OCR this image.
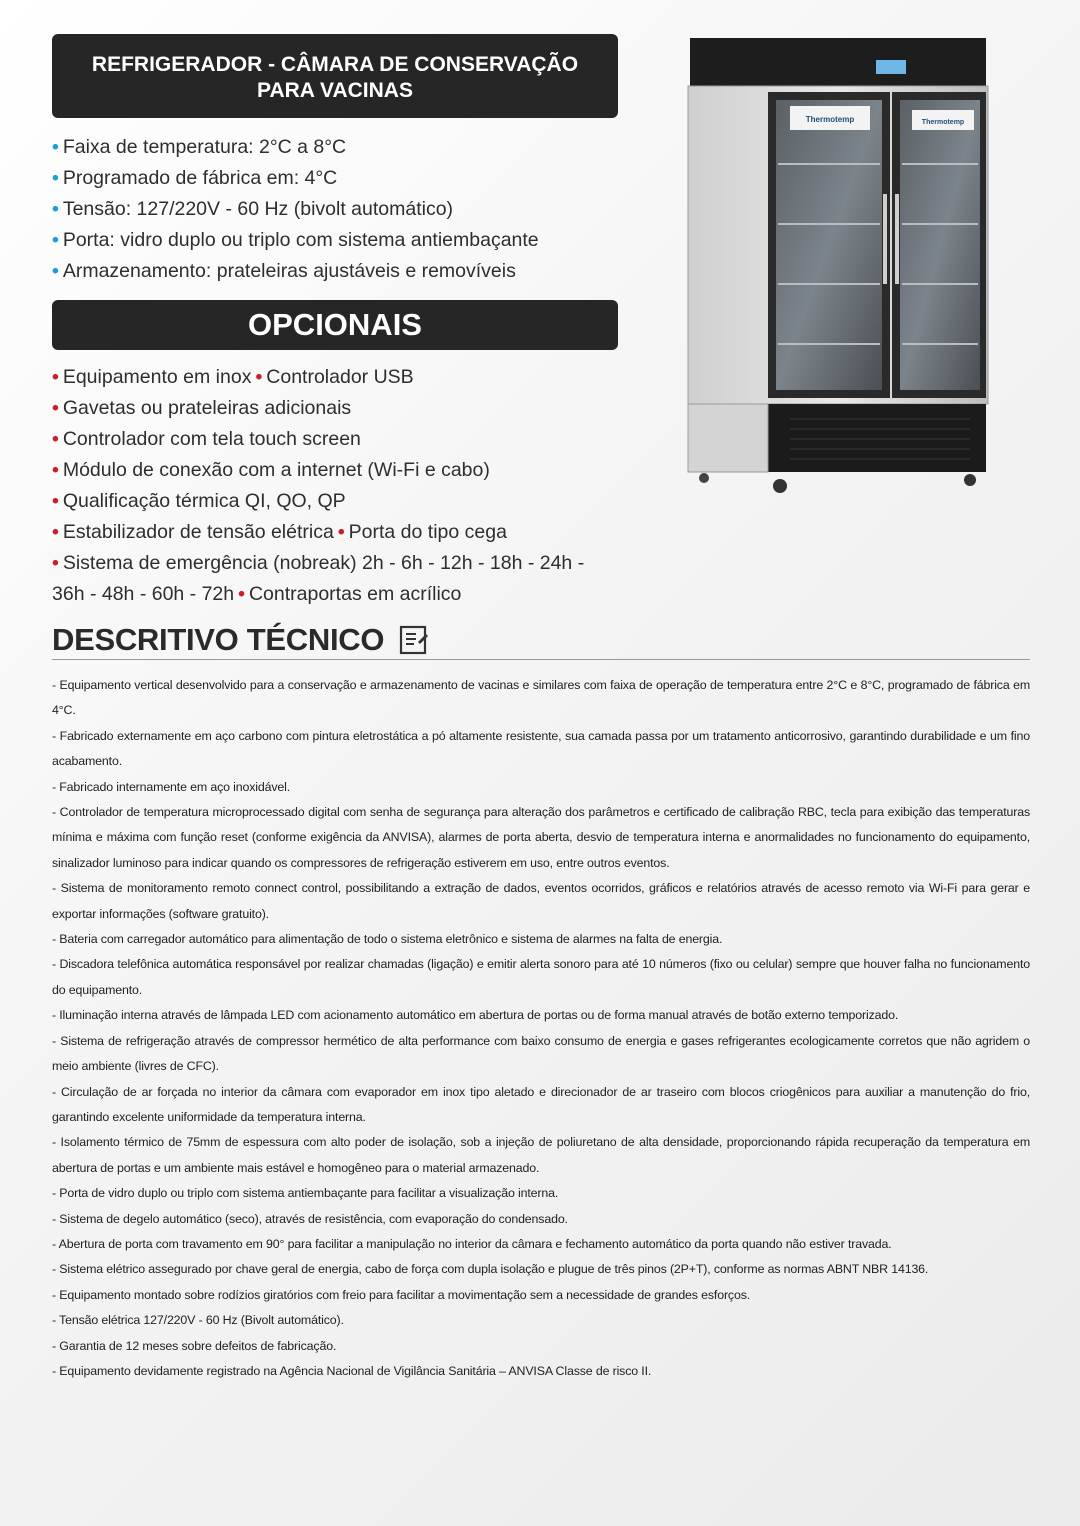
REFRIGERADOR - CÂMARA DE CONSERVAÇÃO
PARA VACINAS
• Faixa de temperatura: 2°C a 8°C
• Programado de fábrica em: 4°C
• Tensão: 127/220V - 60 Hz (bivolt automático)
• Porta: vidro duplo ou triplo com sistema antiembaçante
• Armazenamento: prateleiras ajustáveis e removíveis
OPCIONAIS
• Equipamento em inox • Controlador USB
• Gavetas ou prateleiras adicionais
• Controlador com tela touch screen
• Módulo de conexão com a internet (Wi-Fi e cabo)
• Qualificação térmica QI, QO, QP
• Estabilizador de tensão elétrica • Porta do tipo cega
• Sistema de emergência (nobreak) 2h - 6h - 12h - 18h - 24h -
36h - 48h - 60h - 72h • Contraportas em acrílico
Thermotemp	Thermotemp
DESCRITIVO TÉCNICO

- Equipamento vertical desenvolvido para a conservação e armazenamento de vacinas e similares com faixa de operação de temperatura entre 2°C e 8°C, programado de fábrica em 4°C.

- Fabricado externamente em aço carbono com pintura eletrostática a pó altamente resistente, sua camada passa por um tratamento anticorrosivo, garantindo durabilidade e um fino acabamento.

- Fabricado internamente em aço inoxidável.

- Controlador de temperatura microprocessado digital com senha de segurança para alteração dos parâmetros e certificado de calibração RBC, tecla para exibição das temperaturas mínima e máxima com função reset (conforme exigência da ANVISA), alarmes de porta aberta, desvio de temperatura interna e anormalidades no funcionamento do equipamento, sinalizador luminoso para indicar quando os compressores de refrigeração estiverem em uso, entre outros eventos.

- Sistema de monitoramento remoto connect control, possibilitando a extração de dados, eventos ocorridos, gráficos e relatórios através de acesso remoto via Wi-Fi para gerar e exportar informações (software gratuito).

- Bateria com carregador automático para alimentação de todo o sistema eletrônico e sistema de alarmes na falta de energia.

- Discadora telefônica automática responsável por realizar chamadas (ligação) e emitir alerta sonoro para até 10 números (fixo ou celular) sempre que houver falha no funcionamento do equipamento.

- Iluminação interna através de lâmpada LED com acionamento automático em abertura de portas ou de forma manual através de botão externo temporizado.

- Sistema de refrigeração através de compressor hermético de alta performance com baixo consumo de energia e gases refrigerantes ecologicamente corretos que não agridem o meio ambiente (livres de CFC).

- Circulação de ar forçada no interior da câmara com evaporador em inox tipo aletado e direcionador de ar traseiro com blocos criogênicos para auxiliar a manutenção do frio, garantindo excelente uniformidade da temperatura interna.

- Isolamento térmico de 75mm de espessura com alto poder de isolação, sob a injeção de poliuretano de alta densidade, proporcionando rápida recuperação da temperatura em abertura de portas e um ambiente mais estável e homogêneo para o material armazenado.

- Porta de vidro duplo ou triplo com sistema antiembaçante para facilitar a visualização interna.

- Sistema de degelo automático (seco), através de resistência, com evaporação do condensado.

- Abertura de porta com travamento em 90° para facilitar a manipulação no interior da câmara e fechamento automático da porta quando não estiver travada.

- Sistema elétrico assegurado por chave geral de energia, cabo de força com dupla isolação e plugue de três pinos (2P+T), conforme as normas ABNT NBR 14136.

- Equipamento montado sobre rodízios giratórios com freio para facilitar a movimentação sem a necessidade de grandes esforços.

- Tensão elétrica 127/220V - 60 Hz (Bivolt automático).

- Garantia de 12 meses sobre defeitos de fabricação.

- Equipamento devidamente registrado na Agência Nacional de Vigilância Sanitária – ANVISA Classe de risco II.
